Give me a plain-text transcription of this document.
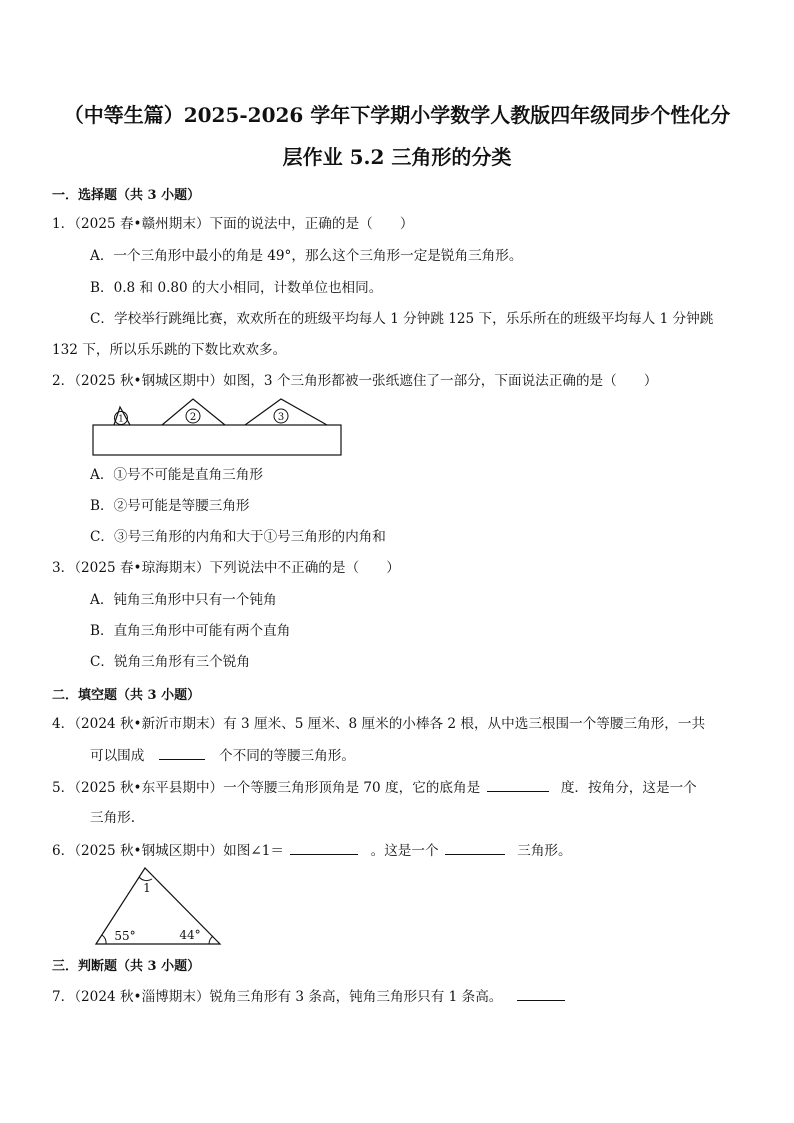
（中等生篇）2025-2026 学年下学期小学数学人教版四年级同步个性化分
层作业 5.2 三角形的分类
一．选择题（共 3 小题）
1．（2025 春•赣州期末）下面的说法中，正确的是（　　）
A．一个三角形中最小的角是 49°，那么这个三角形一定是锐角三角形。
B．0.8 和 0.80 的大小相同，计数单位也相同。
C．学校举行跳绳比赛，欢欢所在的班级平均每人 1 分钟跳 125 下，乐乐所在的班级平均每人 1 分钟跳
132 下，所以乐乐跳的下数比欢欢多。
2．（2025 秋•钢城区期中）如图，3 个三角形都被一张纸遮住了一部分，下面说法正确的是（　　）
2	3
1
A．①号不可能是直角三角形
B．②号可能是等腰三角形
C．③号三角形的内角和大于①号三角形的内角和
3．（2025 春•琼海期末）下列说法中不正确的是（　　）
A．钝角三角形中只有一个钝角
B．直角三角形中可能有两个直角
C．锐角三角形有三个锐角
二．填空题（共 3 小题）
4．（2024 秋•新沂市期末）有 3 厘米、5 厘米、8 厘米的小棒各 2 根，从中选三根围一个等腰三角形，一共
可以围成	个不同的等腰三角形。
5．（2025 秋•东平县期中）一个等腰三角形顶角是 70 度，它的底角是	度．按角分，这是一个
三角形.
6．（2025 秋•钢城区期中）如图∠1＝	。这是一个	三角形。
1
55°	44°
三．判断题（共 3 小题）
7．（2024 秋•淄博期末）锐角三角形有 3 条高，钝角三角形只有 1 条高。
